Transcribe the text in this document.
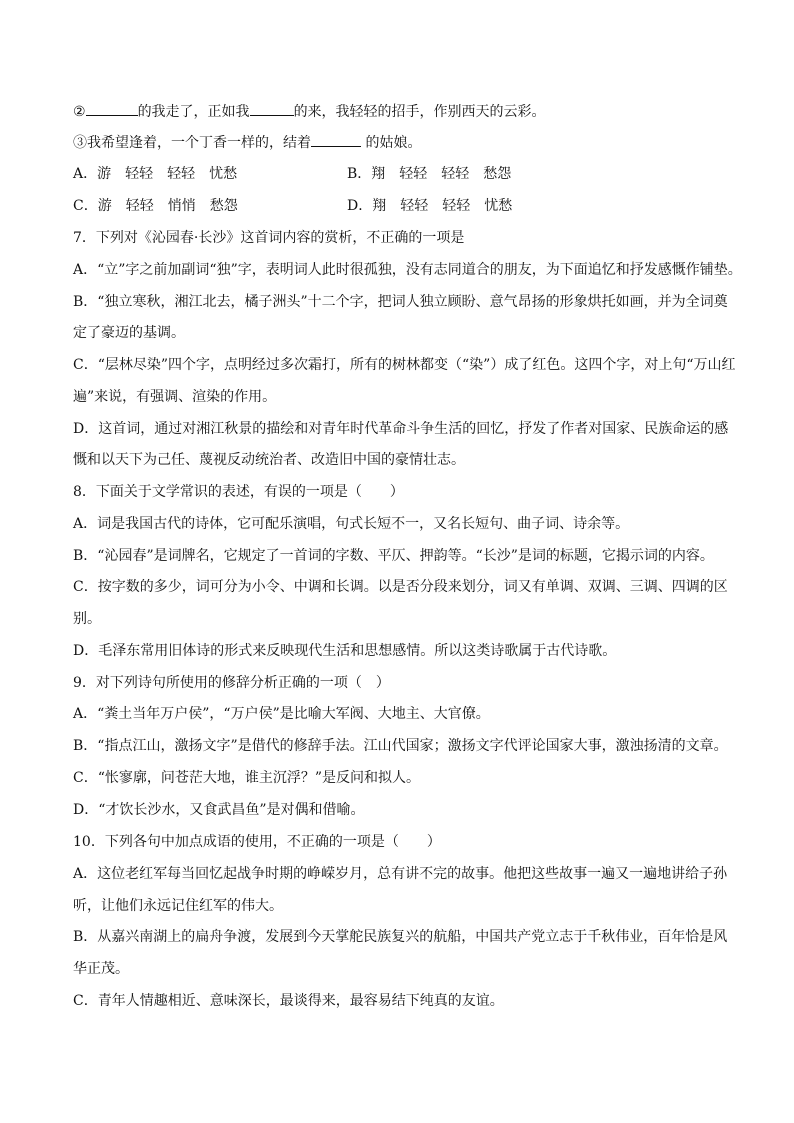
②	的我走了，正如我	的来，我轻轻的招手，作别西天的云彩。
③我希望逢着，一个丁香一样的，结着	的姑娘。
A．游　轻轻　轻轻　忧愁	B．翔　轻轻　轻轻　愁怨
C．游　轻轻　悄悄　愁怨	D．翔　轻轻　轻轻　忧愁
7．下列对《沁园春·长沙》这首词内容的赏析，不正确的一项是
A．“立”字之前加副词“独”字，表明词人此时很孤独，没有志同道合的朋友，为下面追忆和抒发感慨作铺垫。
B．“独立寒秋，湘江北去，橘子洲头”十二个字，把词人独立顾盼、意气昂扬的形象烘托如画，并为全词奠
定了豪迈的基调。
C．“层林尽染”四个字，点明经过多次霜打，所有的树林都变（“染”）成了红色。这四个字，对上句“万山红
遍”来说，有强调、渲染的作用。
D．这首词，通过对湘江秋景的描绘和对青年时代革命斗争生活的回忆，抒发了作者对国家、民族命运的感
慨和以天下为己任、蔑视反动统治者、改造旧中国的豪情壮志。
8．下面关于文学常识的表述，有误的一项是（　　）
A．词是我国古代的诗体，它可配乐演唱，句式长短不一，又名长短句、曲子词、诗余等。
B．“沁园春”是词牌名，它规定了一首词的字数、平仄、押韵等。“长沙”是词的标题，它揭示词的内容。
C．按字数的多少，词可分为小令、中调和长调。以是否分段来划分，词又有单调、双调、三调、四调的区
别。
D．毛泽东常用旧体诗的形式来反映现代生活和思想感情。所以这类诗歌属于古代诗歌。
9．对下列诗句所使用的修辞分析正确的一项（　）
A．“粪土当年万户侯”，“万户侯”是比喻大军阀、大地主、大官僚。
B．“指点江山，激扬文字”是借代的修辞手法。江山代国家；激扬文字代评论国家大事，激浊扬清的文章。
C．“怅寥廓，问苍茫大地，谁主沉浮？”是反问和拟人。
D．“才饮长沙水，又食武昌鱼”是对偶和借喻。
10．下列各句中加点成语的使用，不正确的一项是（　　）
A．这位老红军每当回忆起战争时期的峥嵘岁月，总有讲不完的故事。他把这些故事一遍又一遍地讲给子孙
听，让他们永远记住红军的伟大。
B．从嘉兴南湖上的扁舟争渡，发展到今天掌舵民族复兴的航船，中国共产党立志于千秋伟业，百年恰是风
华正茂。
C．青年人情趣相近、意味深长，最谈得来，最容易结下纯真的友谊。
